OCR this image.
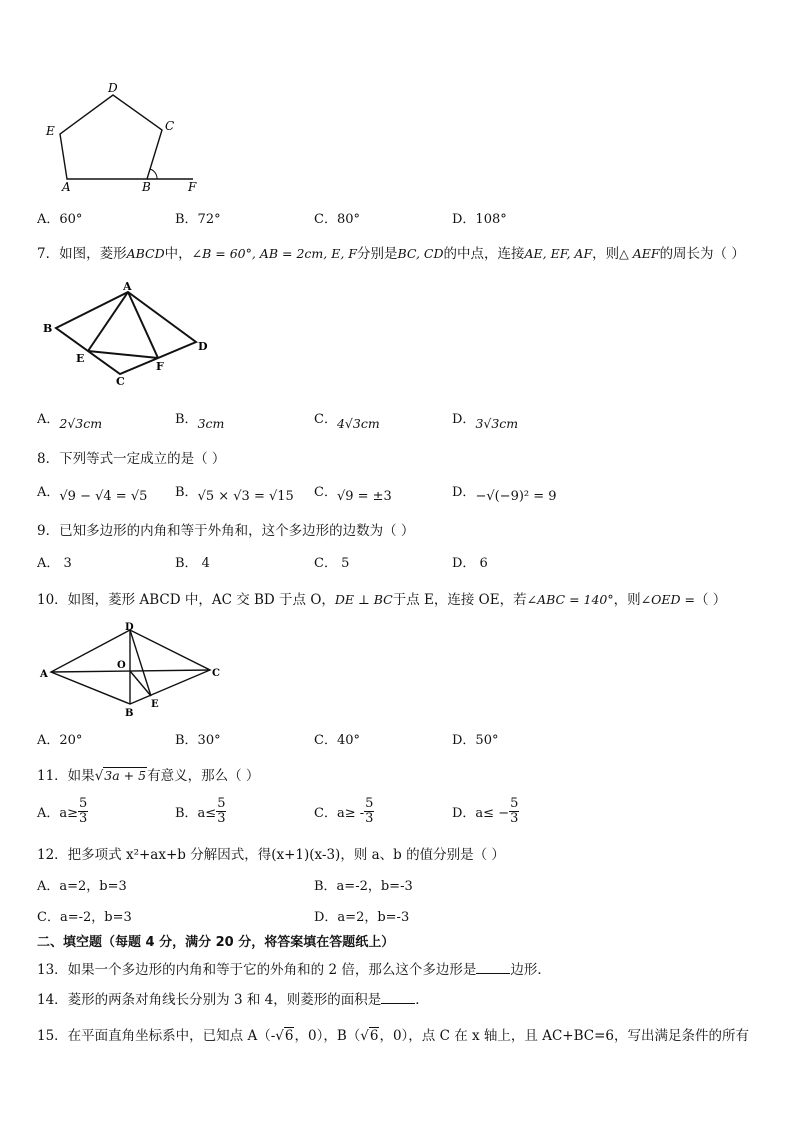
D
C
E
A	B	F
A．60°	B．72°	C．80°	D．108°
7．如图，菱形ABCD中，∠B = 60°, AB = 2cm, E, F分别是BC, CD的中点，连接AE, EF, AF，则△ AEF的周长为（ ）
A
B
E
C
F
D
A．2√3cm	B．3cm	C．4√3cm	D．3√3cm
8．下列等式一定成立的是（ ）
A．√9 − √4 = √5 B．√5 × √3 = √15 C．√9 = ±3	D．−√(−9)² = 9
9．已知多边形的内角和等于外角和，这个多边形的边数为（ ）
A． 3	B． 4	C． 5	D． 6
10．如图，菱形 ABCD 中，AC 交 BD 于点 O，DE ⊥ BC于点 E，连接 OE，若∠ABC = 140°，则∠OED =（ ）
D
O
A	C
B
E
A．20°	B．30°	C．40°	D．50°
11．如果√3a + 5有意义，那么（ ）
A．$a\ge \frac{5}{3}$	B．$a\le \frac{5}{3}$	C．$a\ge - \frac{5}{3}$	D．$a\le - \frac{5}{3}$
12．把多项式 x²+ax+b 分解因式，得(x+1)(x-3)，则 a、b 的值分别是（ ）
A．a=2，b=3	B．a=-2，b=-3
C．a=-2，b=3	D．a=2，b=-3
二、填空题（每题 4 分，满分 20 分，将答案填在答题纸上）
13．如果一个多边形的内角和等于它的外角和的 2 倍，那么这个多边形是	边形．
14．菱形的两条对角线长分别为 3 和 4，则菱形的面积是	．
15．在平面直角坐标系中，已知点 A（-√6，0），B（√6，0），点 C 在 x 轴上，且 AC+BC=6，写出满足条件的所有
